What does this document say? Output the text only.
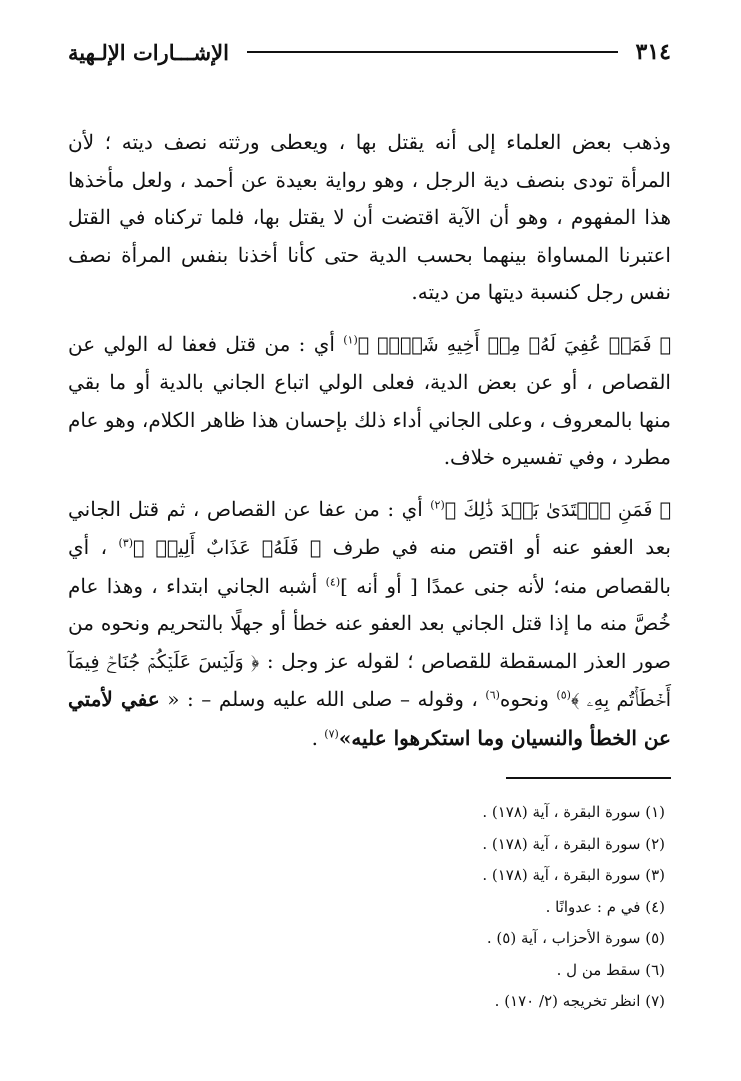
٣١٤
الإشـــارات الإلـهية

وذهب بعض العلماء إلى أنه يقتل بها ، ويعطى ورثته نصف ديته ؛ لأن المرأة تودى بنصف دية الرجل ، وهو رواية بعيدة عن أحمد ، ولعل مأخذها هذا المفهوم ، وهو أن الآية اقتضت أن لا يقتل بها، فلما تركناه في القتل اعتبرنا المساواة بينهما بحسب الدية حتى كأنا أخذنا بنفس المرأة نصف نفس رجل كنسبة ديتها من ديته.

﴿ فَمَنۡ عُفِيَ لَهُۥ مِنۡ أَخِيهِ شَيۡءٞ ﴾$^{(١)}$ أي : من قتل فعفا له الولي عن القصاص ، أو عن بعض الدية، فعلى الولي اتباع الجاني بالدية أو ما بقي منها بالمعروف ، وعلى الجاني أداء ذلك بإحسان هذا ظاهر الكلام، وهو عام مطرد ، وفي تفسيره خلاف.

﴿ فَمَنِ ٱعۡتَدَىٰ بَعۡدَ ذَٰلِكَ ﴾$^{(٢)}$ أي : من عفا عن القصاص ، ثم قتل الجاني بعد العفو عنه أو اقتص منه في طرف ﴿ فَلَهُۥ عَذَابٌ أَلِيمٞ ﴾$^{(٣)}$ ، أي بالقصاص منه؛ لأنه جنى عمدًا [ أو أنه ]$^{(٤)}$ أشبه الجاني ابتداء ، وهذا عام خُصَّ منه ما إذا قتل الجاني بعد العفو عنه خطأ أو جهلًا بالتحريم ونحوه من صور العذر المسقطة للقصاص ؛ لقوله عز وجل : ﴿ وَلَيۡسَ عَلَيۡكُمۡ جُنَاحٞ فِيمَآ أَخۡطَأۡتُم بِهِۦ ﴾$^{(٥)}$ ونحوه$^{(٦)}$ ، وقوله – صلى الله عليه وسلم – : « عفي لأمتي عن الخطأ والنسيان وما استكرهوا عليه»$^{(٧)}$ .

(١) سورة البقرة ، آية (١٧٨) .
(٢) سورة البقرة ، آية (١٧٨) .
(٣) سورة البقرة ، آية (١٧٨) .
(٤) في م : عدوانًا .
(٥) سورة الأحزاب ، آية (٥) .
(٦) سقط من ل .
(٧) انظر تخريجه (٢/ ١٧٠) .
